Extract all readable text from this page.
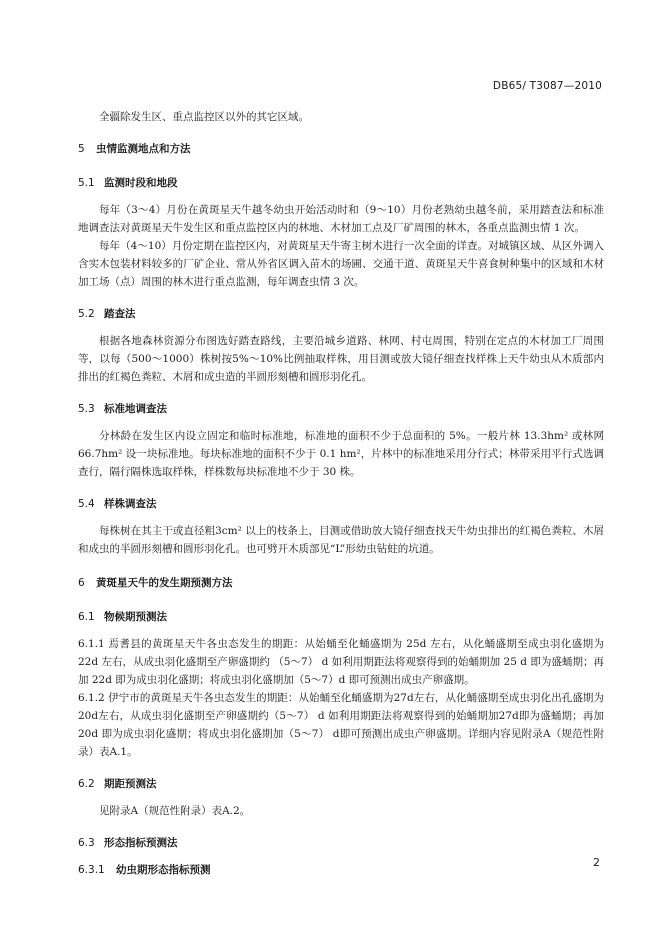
DB65/ T3087—2010

全疆除发生区、重点监控区以外的其它区域。

5 虫情监测地点和方法

5.1 监测时段和地段

每年（3～4）月份在黄斑星天牛越冬幼虫开始活动时和（9～10）月份老熟幼虫越冬前，采用踏查法和标准地调查法对黄斑星天牛发生区和重点监控区内的林地、木材加工点及厂矿周围的林木，各重点监测虫情 1 次。

每年（4～10）月份定期在监控区内，对黄斑星天牛寄主树木进行一次全面的详查。对城镇区域、从区外调入含实木包装材料较多的厂矿企业、常从外省区调入苗木的场圃、交通干道、黄斑星天牛喜食树种集中的区域和木材加工场（点）周围的林木进行重点监测，每年调查虫情 3 次。

5.2 踏查法

根据各地森林资源分布图选好踏查路线，主要沿城乡道路、林网、村屯周围，特别在定点的木材加工厂周围等，以每（500～1000）株树按5%～10%比例抽取样株，用目测或放大镜仔细查找样株上天牛幼虫从木质部内排出的红褐色粪粒、木屑和成虫造的半圆形刻槽和圆形羽化孔。

5.3 标准地调查法

分林龄在发生区内设立固定和临时标准地，标准地的面积不少于总面积的 5%。一般片林 13.3hm² 或林网 66.7hm² 设一块标准地。每块标准地的面积不少于 0.1 hm²，片林中的标准地采用分行式；林带采用平行式选调查行，隔行隔株选取样株，样株数每块标准地不少于 30 株。

5.4 样株调查法

每株树在其主干或直径粗3cm² 以上的枝条上，目测或借助放大镜仔细查找天牛幼虫排出的红褐色粪粒、木屑和成虫的半圆形刻槽和圆形羽化孔。也可劈开木质部见“L”形幼虫钻蛀的坑道。

6 黄斑星天牛的发生期预测方法

6.1 物候期预测法

6.1.1 焉耆县的黄斑星天牛各虫态发生的期距：从始蛹至化蛹盛期为 25d 左右，从化蛹盛期至成虫羽化盛期为 22d 左右，从成虫羽化盛期至产卵盛期约 （5～7） d 如利用期距法将观察得到的始蛹期加 25 d 即为盛蛹期；再加 22d 即为成虫羽化盛期；将成虫羽化盛期加（5～7）d 即可预测出成虫产卵盛期。

6.1.2 伊宁市的黄斑星天牛各虫态发生的期距：从始蛹至化蛹盛期为27d左右，从化蛹盛期至成虫羽化出孔盛期为20d左右，从成虫羽化盛期至产卵盛期约（5～7） d 如利用期距法将观察得到的始蛹期加27d即为盛蛹期；再加 20d 即为成虫羽化盛期；将成虫羽化盛期加（5～7） d即可预测出成虫产卵盛期。详细内容见附录A（规范性附录）表A.1。

6.2 期距预测法

见附录A（规范性附录）表A.2。

6.3 形态指标预测法

6.3.1 幼虫期形态指标预测

2
